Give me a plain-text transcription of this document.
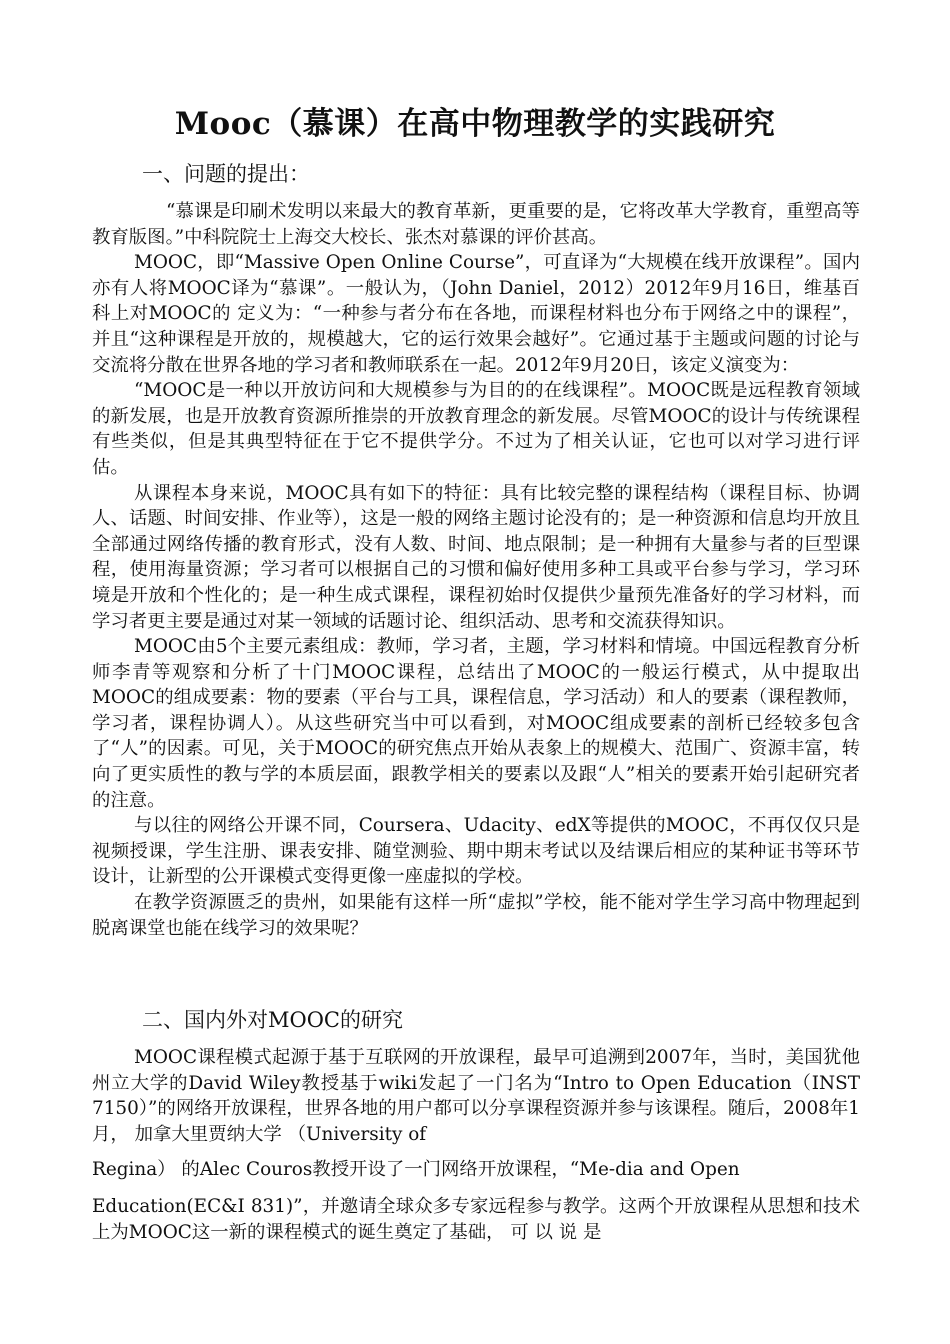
Mooc（慕课）在高中物理教学的实践研究
一、问题的提出：

“慕课是印刷术发明以来最大的教育革新，更重要的是，它将改革大学教育，重塑高等教育版图。”中科院院士上海交大校长、张杰对慕课的评价甚高。

MOOC，即“Massive Open Online Course”，可直译为“大规模在线开放课程”。国内亦有人将MOOC译为“慕课”。一般认为，（John Daniel，2012）2012年9月16日，维基百科上对MOOC的 定义为：“一种参与者分布在各地，而课程材料也分布于网络之中的课程”，并且“这种课程是开放的，规模越大，它的运行效果会越好”。它通过基于主题或问题的讨论与交流将分散在世界各地的学习者和教师联系在一起。2012年9月20日，该定义演变为：

“MOOC是一种以开放访问和大规模参与为目的的在线课程”。MOOC既是远程教育领域的新发展，也是开放教育资源所推崇的开放教育理念的新发展。尽管MOOC的设计与传统课程有些类似，但是其典型特征在于它不提供学分。不过为了相关认证，它也可以对学习进行评估。

从课程本身来说，MOOC具有如下的特征：具有比较完整的课程结构（课程目标、协调人、话题、时间安排、作业等），这是一般的网络主题讨论没有的；是一种资源和信息均开放且全部通过网络传播的教育形式，没有人数、时间、地点限制；是一种拥有大量参与者的巨型课程，使用海量资源；学习者可以根据自己的习惯和偏好使用多种工具或平台参与学习，学习环境是开放和个性化的；是一种生成式课程，课程初始时仅提供少量预先准备好的学习材料，而学习者更主要是通过对某一领域的话题讨论、组织活动、思考和交流获得知识。

MOOC由5个主要元素组成：教师，学习者，主题，学习材料和情境。中国远程教育分析师李青等观察和分析了十门MOOC课程，总结出了MOOC的一般运行模式，从中提取出MOOC的组成要素：物的要素（平台与工具，课程信息，学习活动）和人的要素（课程教师，学习者，课程协调人）。从这些研究当中可以看到，对MOOC组成要素的剖析已经较多包含了“人”的因素。可见，关于MOOC的研究焦点开始从表象上的规模大、范围广、资源丰富，转向了更实质性的教与学的本质层面，跟教学相关的要素以及跟“人”相关的要素开始引起研究者的注意。

与以往的网络公开课不同，Coursera、Udacity、edX等提供的MOOC，不再仅仅只是视频授课，学生注册、课表安排、随堂测验、期中期末考试以及结课后相应的某种证书等环节设计，让新型的公开课模式变得更像一座虚拟的学校。

在教学资源匮乏的贵州，如果能有这样一所“虚拟”学校，能不能对学生学习高中物理起到脱离课堂也能在线学习的效果呢？

二、国内外对MOOC的研究

MOOC课程模式起源于基于互联网的开放课程，最早可追溯到2007年，当时，美国犹他州立大学的David Wiley教授基于wiki发起了一门名为“Intro to Open Education（INST 7150）”的网络开放课程，世界各地的用户都可以分享课程资源并参与该课程。随后，2008年1月， 加拿大里贾纳大学 （University of

Regina） 的Alec Couros教授开设了一门网络开放课程，“Me-dia and Open

Education(EC&I 831)”，并邀请全球众多专家远程参与教学。这两个开放课程从思想和技术上为MOOC这一新的课程模式的诞生奠定了基础， 可 以 说 是
